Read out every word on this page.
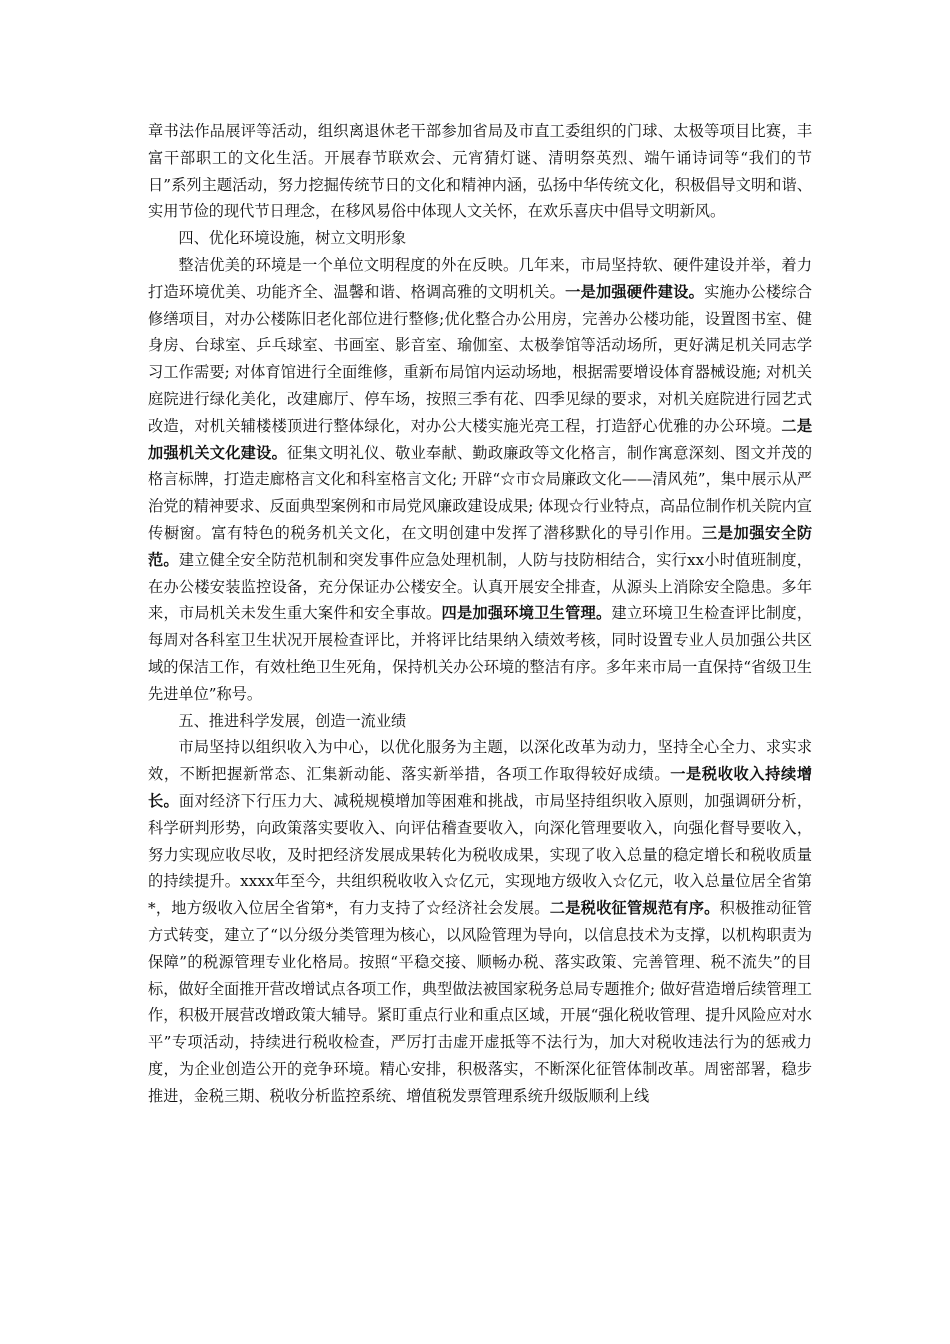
章书法作品展评等活动，组织离退休老干部参加省局及市直工委组织的门球、太极等项目比赛，丰富干部职工的文化生活。开展春节联欢会、元宵猜灯谜、清明祭英烈、端午诵诗词等“我们的节日”系列主题活动，努力挖掘传统节日的文化和精神内涵，弘扬中华传统文化，积极倡导文明和谐、实用节俭的现代节日理念，在移风易俗中体现人文关怀，在欢乐喜庆中倡导文明新风。

四、优化环境设施，树立文明形象

整洁优美的环境是一个单位文明程度的外在反映。几年来，市局坚持软、硬件建设并举，着力打造环境优美、功能齐全、温馨和谐、格调高雅的文明机关。一是加强硬件建设。实施办公楼综合修缮项目，对办公楼陈旧老化部位进行整修;优化整合办公用房，完善办公楼功能，设置图书室、健身房、台球室、乒乓球室、书画室、影音室、瑜伽室、太极拳馆等活动场所，更好满足机关同志学习工作需要; 对体育馆进行全面维修，重新布局馆内运动场地，根据需要增设体育器械设施; 对机关庭院进行绿化美化，改建廊厅、停车场，按照三季有花、四季见绿的要求，对机关庭院进行园艺式改造，对机关辅楼楼顶进行整体绿化，对办公大楼实施光亮工程，打造舒心优雅的办公环境。二是加强机关文化建设。征集文明礼仪、敬业奉献、勤政廉政等文化格言，制作寓意深刻、图文并茂的格言标牌，打造走廊格言文化和科室格言文化; 开辟“☆市☆局廉政文化——清风苑”，集中展示从严治党的精神要求、反面典型案例和市局党风廉政建设成果; 体现☆行业特点，高品位制作机关院内宣传橱窗。富有特色的税务机关文化，在文明创建中发挥了潜移默化的导引作用。三是加强安全防范。建立健全安全防范机制和突发事件应急处理机制，人防与技防相结合，实行xx小时值班制度，在办公楼安装监控设备，充分保证办公楼安全。认真开展安全排查，从源头上消除安全隐患。多年来，市局机关未发生重大案件和安全事故。四是加强环境卫生管理。建立环境卫生检查评比制度，每周对各科室卫生状况开展检查评比，并将评比结果纳入绩效考核，同时设置专业人员加强公共区域的保洁工作，有效杜绝卫生死角，保持机关办公环境的整洁有序。多年来市局一直保持“省级卫生先进单位”称号。

五、推进科学发展，创造一流业绩

市局坚持以组织收入为中心，以优化服务为主题，以深化改革为动力，坚持全心全力、求实求效，不断把握新常态、汇集新动能、落实新举措，各项工作取得较好成绩。一是税收收入持续增长。面对经济下行压力大、减税规模增加等困难和挑战，市局坚持组织收入原则，加强调研分析，科学研判形势，向政策落实要收入、向评估稽查要收入，向深化管理要收入，向强化督导要收入，努力实现应收尽收，及时把经济发展成果转化为税收成果，实现了收入总量的稳定增长和税收质量的持续提升。xxxx年至今，共组织税收收入☆亿元，实现地方级收入☆亿元，收入总量位居全省第*，地方级收入位居全省第*，有力支持了☆经济社会发展。二是税收征管规范有序。积极推动征管方式转变，建立了“以分级分类管理为核心，以风险管理为导向，以信息技术为支撑，以机构职责为保障”的税源管理专业化格局。按照“平稳交接、顺畅办税、落实政策、完善管理、税不流失”的目标，做好全面推开营改增试点各项工作，典型做法被国家税务总局专题推介; 做好营造增后续管理工作，积极开展营改增政策大辅导。紧盯重点行业和重点区域，开展“强化税收管理、提升风险应对水平”专项活动，持续进行税收检查，严厉打击虚开虚抵等不法行为，加大对税收违法行为的惩戒力度，为企业创造公开的竞争环境。精心安排，积极落实，不断深化征管体制改革。周密部署，稳步推进，金税三期、税收分析监控系统、增值税发票管理系统升级版顺利上线
